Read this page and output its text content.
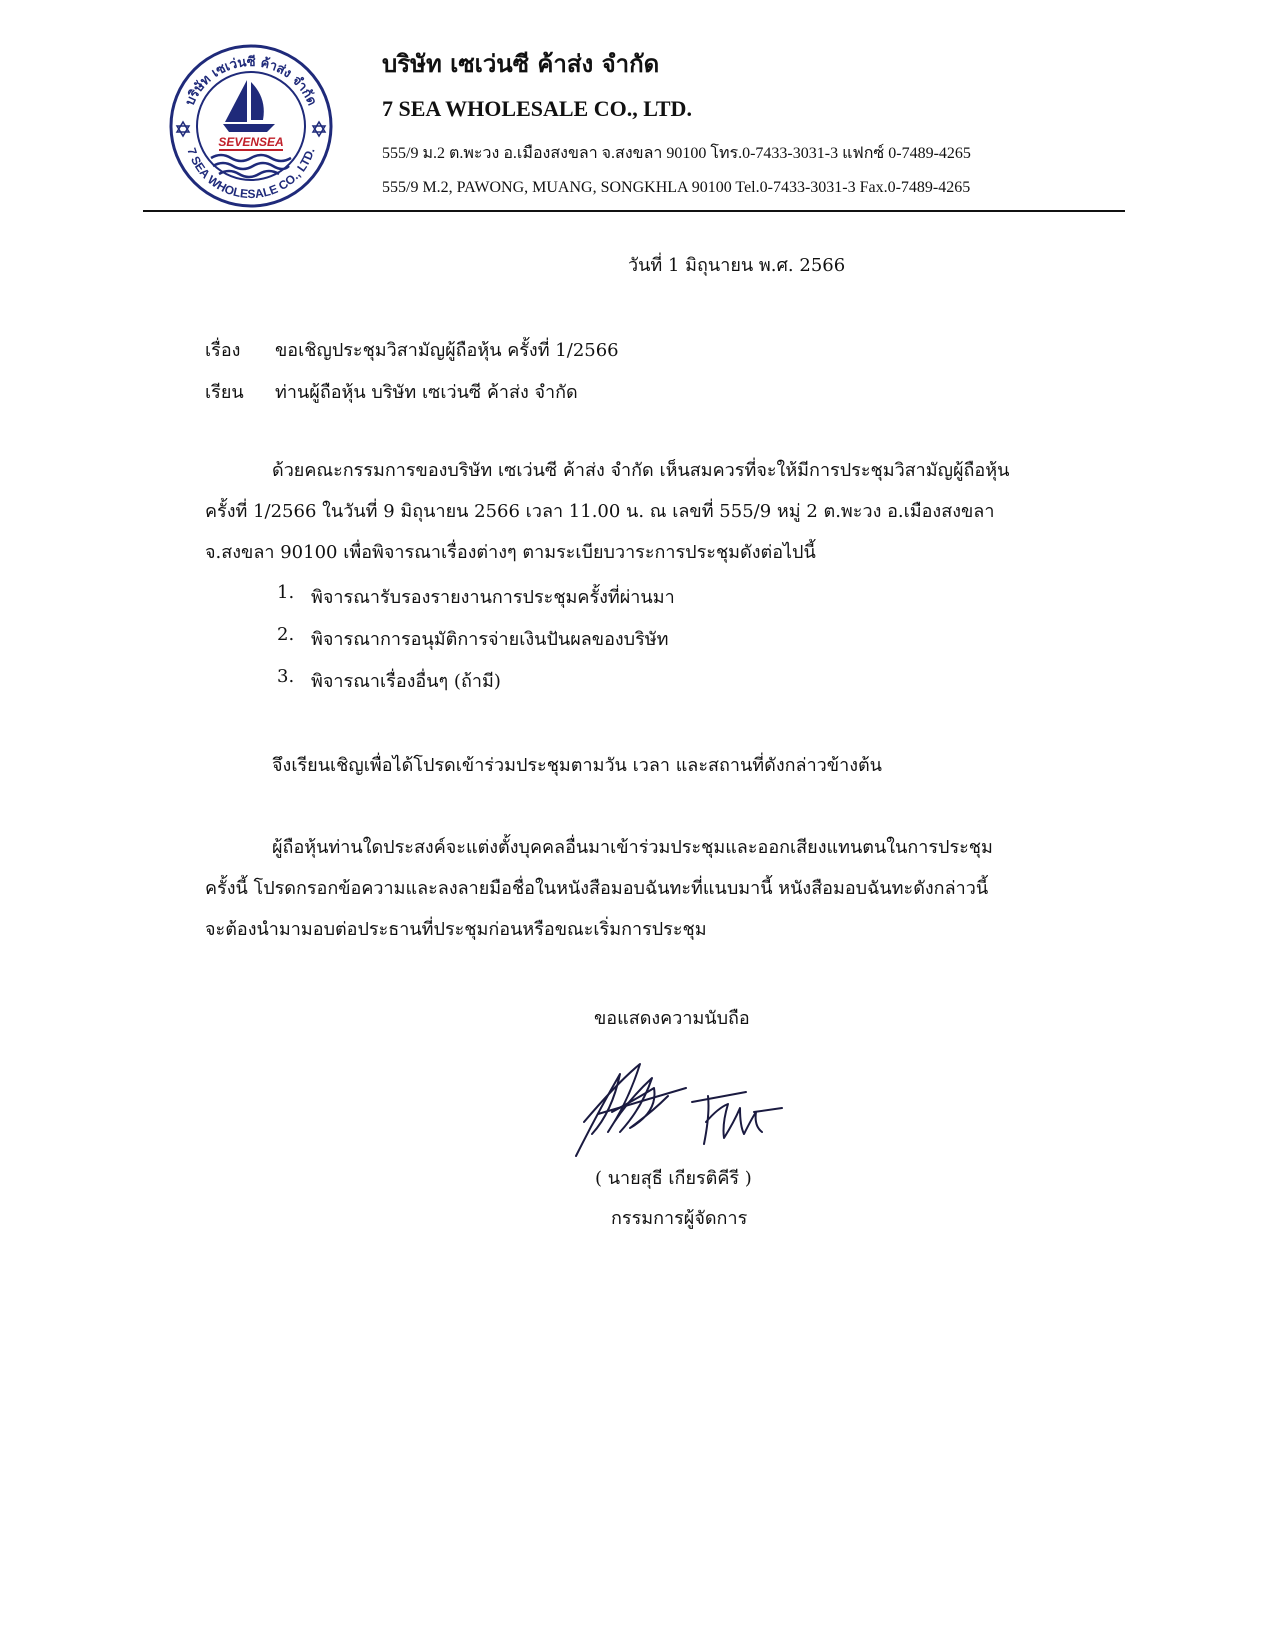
บริษัท เซเว่นซี ค้าส่ง จำกัด
7 SEA WHOLESALE CO., LTD.
SEVENSEA
บริษัท เซเว่นซี ค้าส่ง จำกัด
7 SEA WHOLESALE CO., LTD.
555/9 ม.2 ต.พะวง อ.เมืองสงขลา จ.สงขลา 90100 โทร.0-7433-3031-3 แฟกซ์ 0-7489-4265
555/9 M.2, PAWONG, MUANG, SONGKHLA 90100 Tel.0-7433-3031-3 Fax.0-7489-4265
วันที่ 1 มิถุนายน พ.ศ. 2566
เรื่อง ขอเชิญประชุมวิสามัญผู้ถือหุ้น ครั้งที่ 1/2566
เรียน ท่านผู้ถือหุ้น บริษัท เซเว่นซี ค้าส่ง จำกัด
ด้วยคณะกรรมการของบริษัท เซเว่นซี ค้าส่ง จำกัด เห็นสมควรที่จะให้มีการประชุมวิสามัญผู้ถือหุ้น
ครั้งที่ 1/2566 ในวันที่ 9 มิถุนายน 2566 เวลา 11.00 น. ณ เลขที่ 555/9 หมู่ 2 ต.พะวง อ.เมืองสงขลา
จ.สงขลา 90100 เพื่อพิจารณาเรื่องต่างๆ ตามระเบียบวาระการประชุมดังต่อไปนี้
1. พิจารณารับรองรายงานการประชุมครั้งที่ผ่านมา
2. พิจารณาการอนุมัติการจ่ายเงินปันผลของบริษัท
3. พิจารณาเรื่องอื่นๆ (ถ้ามี)
จึงเรียนเชิญเพื่อได้โปรดเข้าร่วมประชุมตามวัน เวลา และสถานที่ดังกล่าวข้างต้น
ผู้ถือหุ้นท่านใดประสงค์จะแต่งตั้งบุคคลอื่นมาเข้าร่วมประชุมและออกเสียงแทนตนในการประชุม
ครั้งนี้ โปรดกรอกข้อความและลงลายมือชื่อในหนังสือมอบฉันทะที่แนบมานี้ หนังสือมอบฉันทะดังกล่าวนี้
จะต้องนำมามอบต่อประธานที่ประชุมก่อนหรือขณะเริ่มการประชุม
ขอแสดงความนับถือ
( นายสุธี เกียรติคีรี )
กรรมการผู้จัดการ
